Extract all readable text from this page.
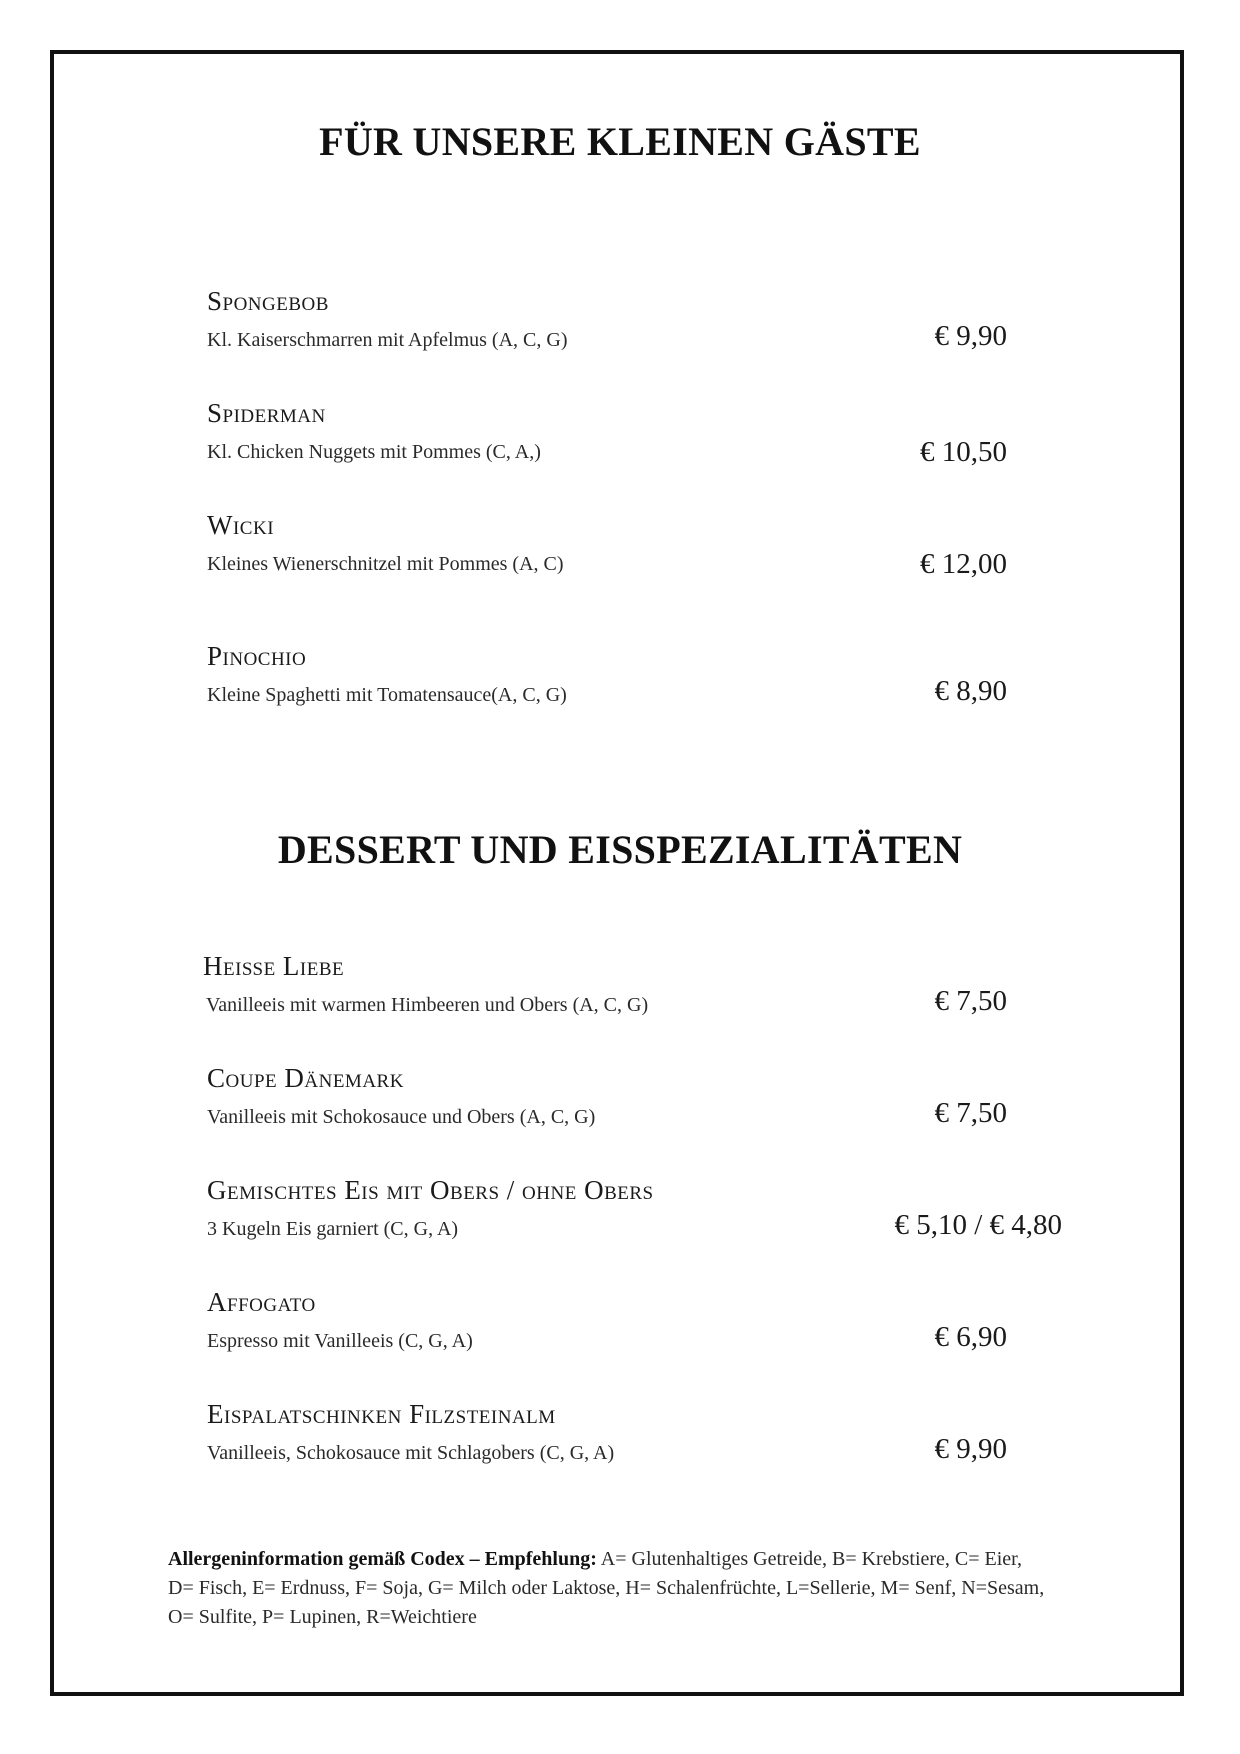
FÜR UNSERE KLEINEN GÄSTE
Spongebob
Kl. Kaiserschmarren mit Apfelmus (A, C, G)	€ 9,90
Spiderman
Kl. Chicken Nuggets mit Pommes (C, A,)	€ 10,50
Wicki
Kleines Wienerschnitzel mit Pommes (A, C)	€ 12,00
Pinochio
Kleine Spaghetti mit Tomatensauce(A, C, G)	€ 8,90
DESSERT UND EISSPEZIALITÄTEN
Heiße Liebe
Vanilleeis mit warmen Himbeeren und Obers (A, C, G)	€ 7,50
Coupe Dänemark
Vanilleeis mit Schokosauce und Obers (A, C, G)	€ 7,50
Gemischtes Eis mit Obers / ohne Obers
3 Kugeln Eis garniert (C, G, A)	€ 5,10 / € 4,80
Affogato
Espresso mit Vanilleeis (C, G, A)	€ 6,90
Eispalatschinken Filzsteinalm
Vanilleeis, Schokosauce mit Schlagobers (C, G, A)	€ 9,90

Allergeninformation gemäß Codex – Empfehlung: A= Glutenhaltiges Getreide, B= Krebstiere, C= Eier, D= Fisch, E= Erdnuss, F= Soja, G= Milch oder Laktose, H= Schalenfrüchte, L=Sellerie, M= Senf, N=Sesam, O= Sulfite, P= Lupinen, R=Weichtiere
